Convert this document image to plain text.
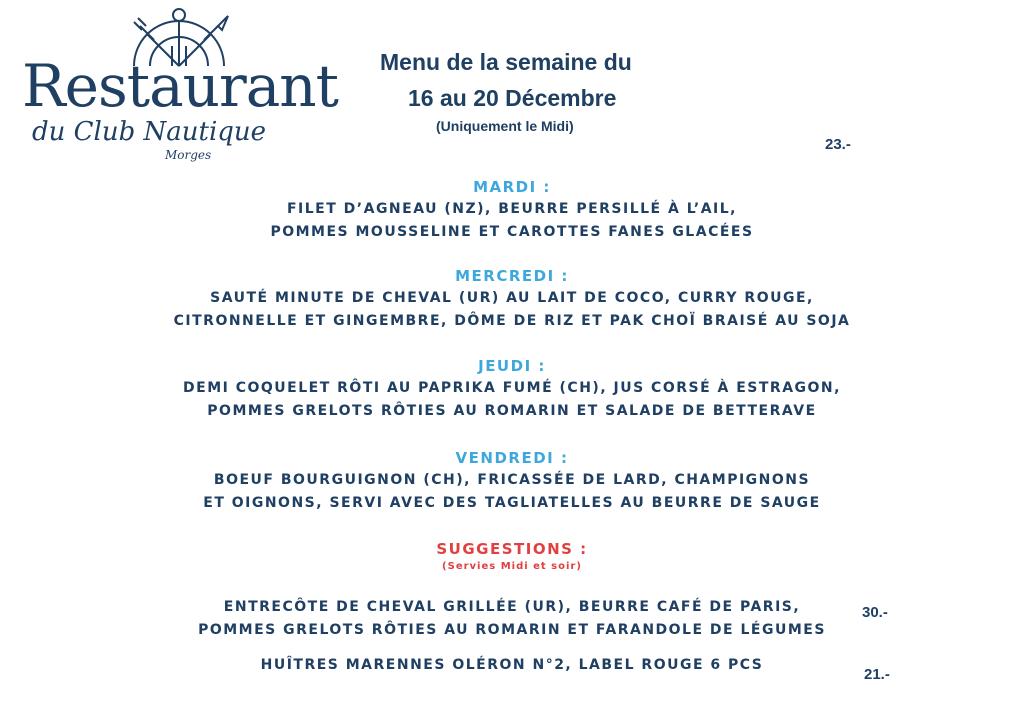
Restaurant
du Club Nautique
Morges
Menu de la semaine du
16 au 20 Décembre
(Uniquement le Midi)
23.-
MARDI :
FILET D’AGNEAU (NZ), BEURRE PERSILLÉ À L’AIL,
POMMES MOUSSELINE ET CAROTTES FANES GLACÉES
MERCREDI :
SAUTÉ MINUTE DE CHEVAL (UR) AU LAIT DE COCO, CURRY ROUGE,
CITRONNELLE ET GINGEMBRE, DÔME DE RIZ ET PAK CHOÏ BRAISÉ AU SOJA
JEUDI :
DEMI COQUELET RÔTI AU PAPRIKA FUMÉ (CH), JUS CORSÉ À ESTRAGON,
POMMES GRELOTS RÔTIES AU ROMARIN ET SALADE DE BETTERAVE
VENDREDI :
BOEUF BOURGUIGNON (CH), FRICASSÉE DE LARD, CHAMPIGNONS
ET OIGNONS, SERVI AVEC DES TAGLIATELLES AU BEURRE DE SAUGE
SUGGESTIONS :
(Servies Midi et soir)
ENTRECÔTE DE CHEVAL GRILLÉE (UR), BEURRE CAFÉ DE PARIS,
POMMES GRELOTS RÔTIES AU ROMARIN ET FARANDOLE DE LÉGUMES
30.-
HUÎTRES MARENNES OLÉRON N°2, LABEL ROUGE 6 PCS
21.-
